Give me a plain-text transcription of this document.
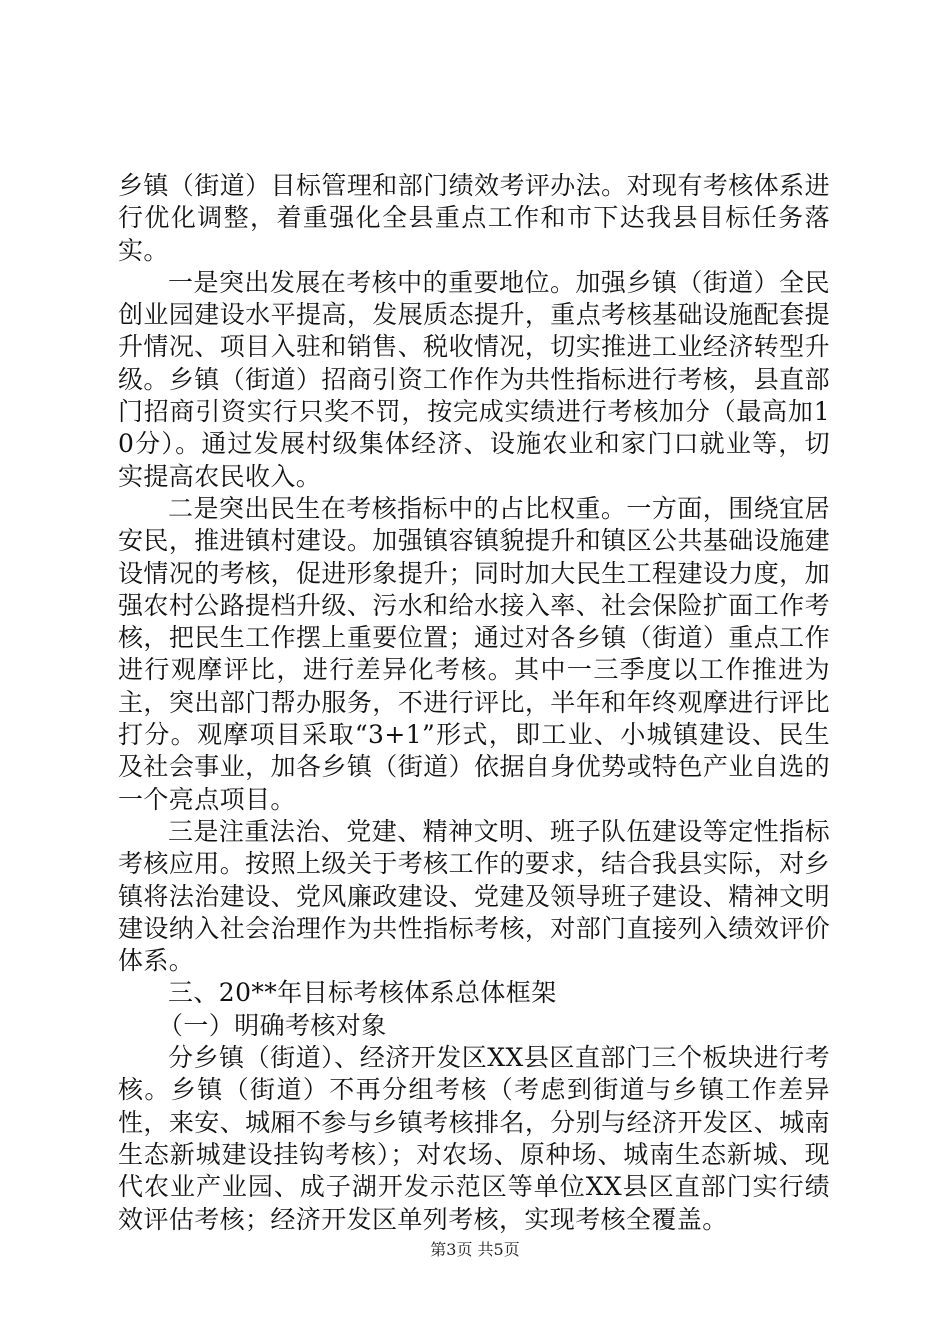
乡镇（街道）目标管理和部门绩效考评办法。对现有考核体系进行优化调整，着重强化全县重点工作和市下达我县目标任务落实。

一是突出发展在考核中的重要地位。加强乡镇（街道）全民创业园建设水平提高，发展质态提升，重点考核基础设施配套提升情况、项目入驻和销售、税收情况，切实推进工业经济转型升级。乡镇（街道）招商引资工作作为共性指标进行考核，县直部门招商引资实行只奖不罚，按完成实绩进行考核加分（最高加10分）。通过发展村级集体经济、设施农业和家门口就业等，切实提高农民收入。

二是突出民生在考核指标中的占比权重。一方面，围绕宜居安民，推进镇村建设。加强镇容镇貌提升和镇区公共基础设施建设情况的考核，促进形象提升；同时加大民生工程建设力度，加强农村公路提档升级、污水和给水接入率、社会保险扩面工作考核，把民生工作摆上重要位置；通过对各乡镇（街道）重点工作进行观摩评比，进行差异化考核。其中一三季度以工作推进为主，突出部门帮办服务，不进行评比，半年和年终观摩进行评比打分。观摩项目采取“3+1”形式，即工业、小城镇建设、民生及社会事业，加各乡镇（街道）依据自身优势或特色产业自选的一个亮点项目。

三是注重法治、党建、精神文明、班子队伍建设等定性指标考核应用。按照上级关于考核工作的要求，结合我县实际，对乡镇将法治建设、党风廉政建设、党建及领导班子建设、精神文明建设纳入社会治理作为共性指标考核，对部门直接列入绩效评价体系。

三、20**年目标考核体系总体框架

（一）明确考核对象

分乡镇（街道）、经济开发区XX县区直部门三个板块进行考核。乡镇（街道）不再分组考核（考虑到街道与乡镇工作差异性，来安、城厢不参与乡镇考核排名，分别与经济开发区、城南生态新城建设挂钩考核）；对农场、原种场、城南生态新城、现代农业产业园、成子湖开发示范区等单位XX县区直部门实行绩效评估考核；经济开发区单列考核，实现考核全覆盖。

第3页 共5页
